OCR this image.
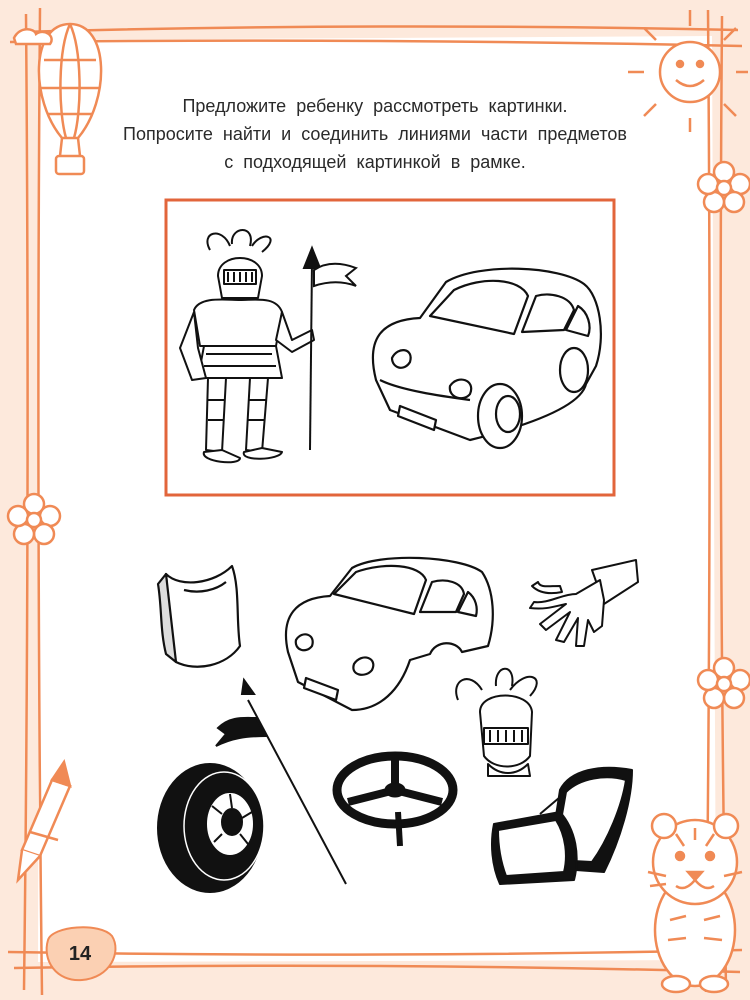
Предложите ребенку рассмотреть картинки.
Попросите найти и соединить линиями части предметов
с подходящей картинкой в рамке.
14
